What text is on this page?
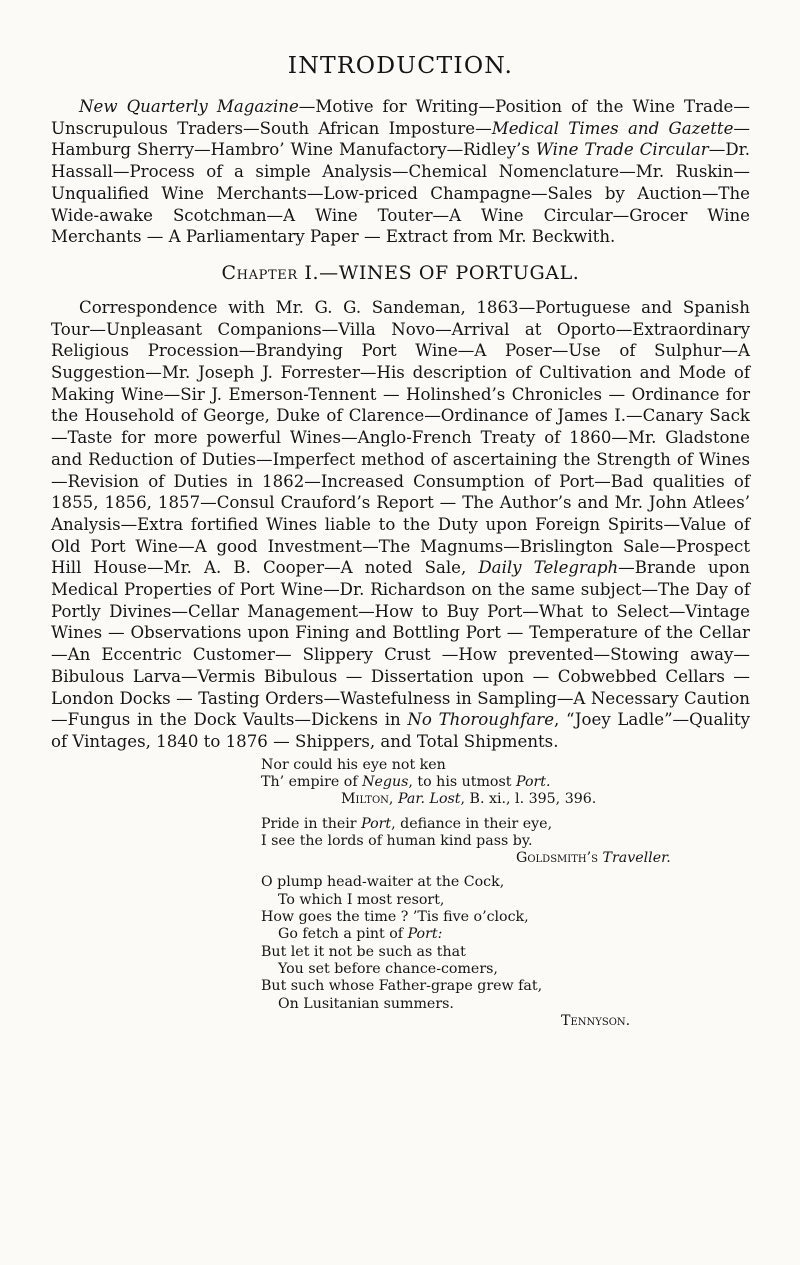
INTRODUCTION.

New Quarterly Magazine—Motive for Writing—Position of the Wine Trade—Unscrupulous Traders—South African Imposture—Medical Times and Gazette—Hamburg Sherry—Hambro’ Wine Manufactory—Ridley’s Wine Trade Circular—Dr. Hassall—Process of a simple Analysis—Chemical Nomenclature—Mr. Ruskin—Unqualified Wine Merchants—Low-priced Champagne—Sales by Auction—The Wide-awake Scotchman—A Wine Touter—A Wine Circular—Grocer Wine Merchants — A Parliamentary Paper — Extract from Mr. Beckwith.

Chapter I.—WINES OF PORTUGAL.

Correspondence with Mr. G. G. Sandeman, 1863—Portuguese and Spanish Tour—Unpleasant Companions—Villa Novo—Arrival at Oporto—Extraordinary Religious Procession—Brandying Port Wine—A Poser—Use of Sulphur—A Suggestion—Mr. Joseph J. Forrester—His description of Cultivation and Mode of Making Wine—Sir J. Emerson-Tennent — Holinshed’s Chronicles — Ordinance for the Household of George, Duke of Clarence—Ordinance of James I.—Canary Sack—Taste for more powerful Wines—Anglo-French Treaty of 1860—Mr. Gladstone and Reduction of Duties—Imperfect method of ascertaining the Strength of Wines—Revision of Duties in 1862—Increased Consumption of Port—Bad qualities of 1855, 1856, 1857—Consul Crauford’s Report — The Author’s and Mr. John Atlees’ Analysis—Extra fortified Wines liable to the Duty upon Foreign Spirits—Value of Old Port Wine—A good Investment—The Magnums—Brislington Sale—Prospect Hill House—Mr. A. B. Cooper—A noted Sale, Daily Telegraph—Brande upon Medical Properties of Port Wine—Dr. Richardson on the same subject—The Day of Portly Divines—Cellar Management—How to Buy Port—What to Select—Vintage Wines — Observations upon Fining and Bottling Port — Temperature of the Cellar—An Eccentric Customer— Slippery Crust —How prevented—Stowing away—Bibulous Larva—Vermis Bibulous — Dissertation upon — Cobwebbed Cellars — London Docks — Tasting Orders—Wastefulness in Sampling—A Necessary Caution—Fungus in the Dock Vaults—Dickens in No Thoroughfare, “Joey Ladle”—Quality of Vintages, 1840 to 1876 — Shippers, and Total Shipments.

Nor could his eye not ken
Th’ empire of Negus, to his utmost Port.
Milton, Par. Lost, B. xi., l. 395, 396.
Pride in their Port, defiance in their eye,
I see the lords of human kind pass by.
Goldsmith’s Traveller.
O plump head-waiter at the Cock,
To which I most resort,
How goes the time ? ’Tis five o’clock,
Go fetch a pint of Port:
But let it not be such as that
You set before chance-comers,
But such whose Father-grape grew fat,
On Lusitanian summers.
Tennyson.
